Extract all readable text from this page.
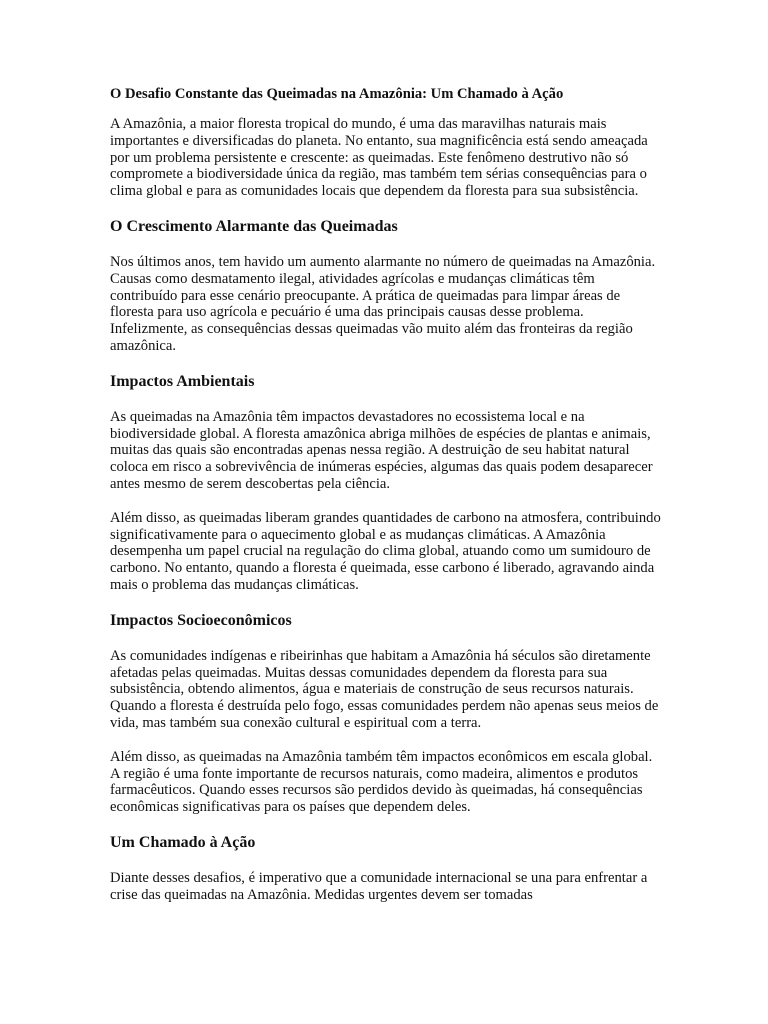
O Desafio Constante das Queimadas na Amazônia: Um Chamado à Ação

A Amazônia, a maior floresta tropical do mundo, é uma das maravilhas naturais mais importantes e diversificadas do planeta. No entanto, sua magnificência está sendo ameaçada por um problema persistente e crescente: as queimadas. Este fenômeno destrutivo não só compromete a biodiversidade única da região, mas também tem sérias consequências para o clima global e para as comunidades locais que dependem da floresta para sua subsistência.

O Crescimento Alarmante das Queimadas

Nos últimos anos, tem havido um aumento alarmante no número de queimadas na Amazônia. Causas como desmatamento ilegal, atividades agrícolas e mudanças climáticas têm contribuído para esse cenário preocupante. A prática de queimadas para limpar áreas de floresta para uso agrícola e pecuário é uma das principais causas desse problema. Infelizmente, as consequências dessas queimadas vão muito além das fronteiras da região amazônica.

Impactos Ambientais

As queimadas na Amazônia têm impactos devastadores no ecossistema local e na biodiversidade global. A floresta amazônica abriga milhões de espécies de plantas e animais, muitas das quais são encontradas apenas nessa região. A destruição de seu habitat natural coloca em risco a sobrevivência de inúmeras espécies, algumas das quais podem desaparecer antes mesmo de serem descobertas pela ciência.

Além disso, as queimadas liberam grandes quantidades de carbono na atmosfera, contribuindo significativamente para o aquecimento global e as mudanças climáticas. A Amazônia desempenha um papel crucial na regulação do clima global, atuando como um sumidouro de carbono. No entanto, quando a floresta é queimada, esse carbono é liberado, agravando ainda mais o problema das mudanças climáticas.

Impactos Socioeconômicos

As comunidades indígenas e ribeirinhas que habitam a Amazônia há séculos são diretamente afetadas pelas queimadas. Muitas dessas comunidades dependem da floresta para sua subsistência, obtendo alimentos, água e materiais de construção de seus recursos naturais. Quando a floresta é destruída pelo fogo, essas comunidades perdem não apenas seus meios de vida, mas também sua conexão cultural e espiritual com a terra.

Além disso, as queimadas na Amazônia também têm impactos econômicos em escala global. A região é uma fonte importante de recursos naturais, como madeira, alimentos e produtos farmacêuticos. Quando esses recursos são perdidos devido às queimadas, há consequências econômicas significativas para os países que dependem deles.

Um Chamado à Ação

Diante desses desafios, é imperativo que a comunidade internacional se una para enfrentar a crise das queimadas na Amazônia. Medidas urgentes devem ser tomadas
